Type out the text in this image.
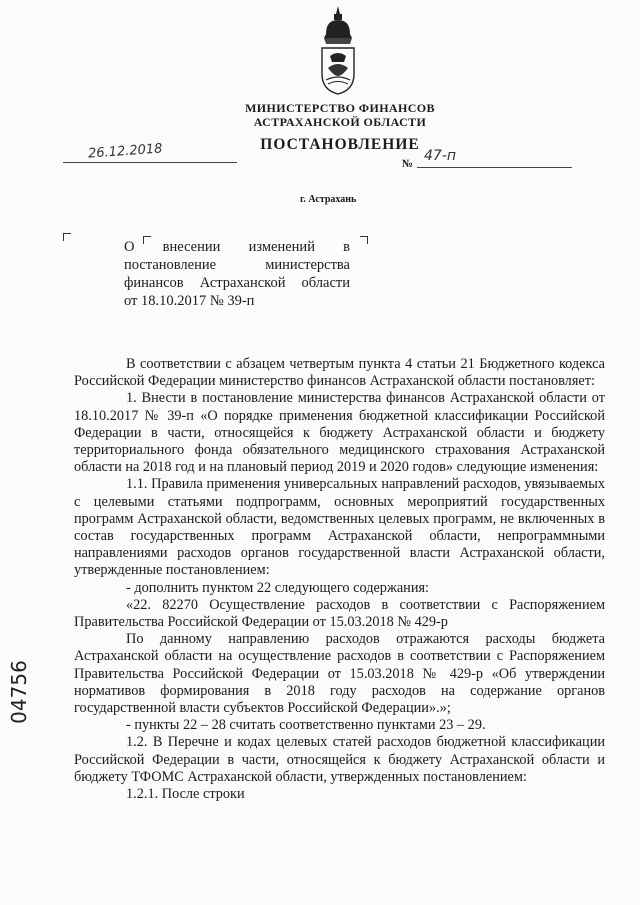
МИНИСТЕРСТВО ФИНАНСОВ
АСТРАХАНСКОЙ ОБЛАСТИ
ПОСТАНОВЛЕНИЕ
26.12.2018
№ 47-п
г. Астрахань
О внесении изменений в
постановление министерства
финансов Астраханской области
от 18.10.2017 № 39-п

В соответствии с абзацем четвертым пункта 4 статьи 21 Бюджетного кодекса Российской Федерации министерство финансов Астраханской области постановляет:

1. Внести в постановление министерства финансов Астраханской области от 18.10.2017 № 39-п «О порядке применения бюджетной классификации Российской Федерации в части, относящейся к бюджету Астраханской области и бюджету территориального фонда обязательного медицинского страхования Астраханской области на 2018 год и на плановый период 2019 и 2020 годов» следующие изменения:

1.1. Правила применения универсальных направлений расходов, увязываемых с целевыми статьями подпрограмм, основных мероприятий государственных программ Астраханской области, ведомственных целевых программ, не включенных в состав государственных программ Астраханской области, непрограммными направлениями расходов органов государственной власти Астраханской области, утвержденные постановлением:

- дополнить пунктом 22 следующего содержания:

«22. 82270 Осуществление расходов в соответствии с Распоряжением Правительства Российской Федерации от 15.03.2018 № 429-р

По данному направлению расходов отражаются расходы бюджета Астраханской области на осуществление расходов в соответствии с Распоряжением Правительства Российской Федерации от 15.03.2018 № 429-р «Об утверждении нормативов формирования в 2018 году расходов на содержание органов государственной власти субъектов Российской Федерации».»;

- пункты 22 – 28 считать соответственно пунктами 23 – 29.

1.2. В Перечне и кодах целевых статей расходов бюджетной классификации Российской Федерации в части, относящейся к бюджету Астраханской области и бюджету ТФОМС Астраханской области, утвержденных постановлением:

1.2.1. После строки

04756
